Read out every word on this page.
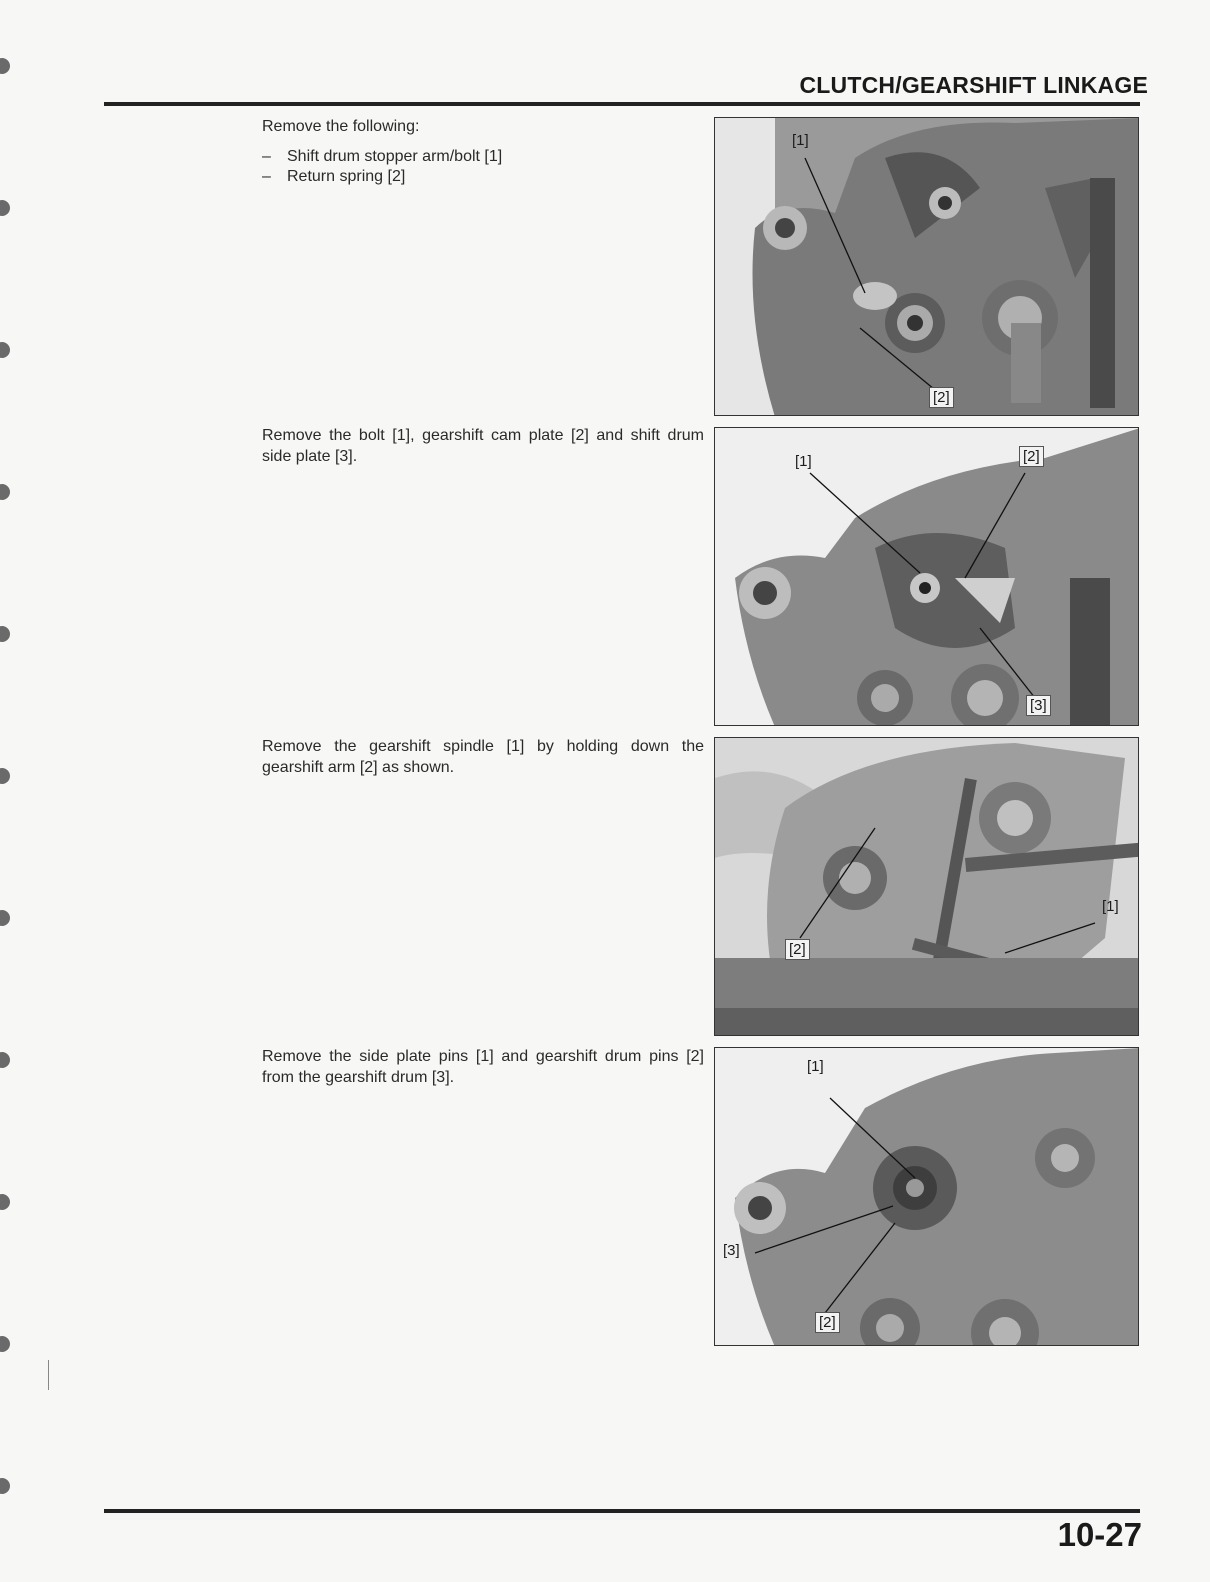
CLUTCH/GEARSHIFT LINKAGE

Remove the following:

– Shift drum stopper arm/bolt [1]
– Return spring [2]
[1]
[2]

Remove the bolt [1], gearshift cam plate [2] and shift drum side plate [3].	[1]	[2]
[3]

Remove the gearshift spindle [1] by holding down the gearshift arm [2] as shown.

[1]
[2]

Remove the side plate pins [1] and gearshift drum pins [2] from the gearshift drum [3].

[1]
[3]
[2]
10-27
